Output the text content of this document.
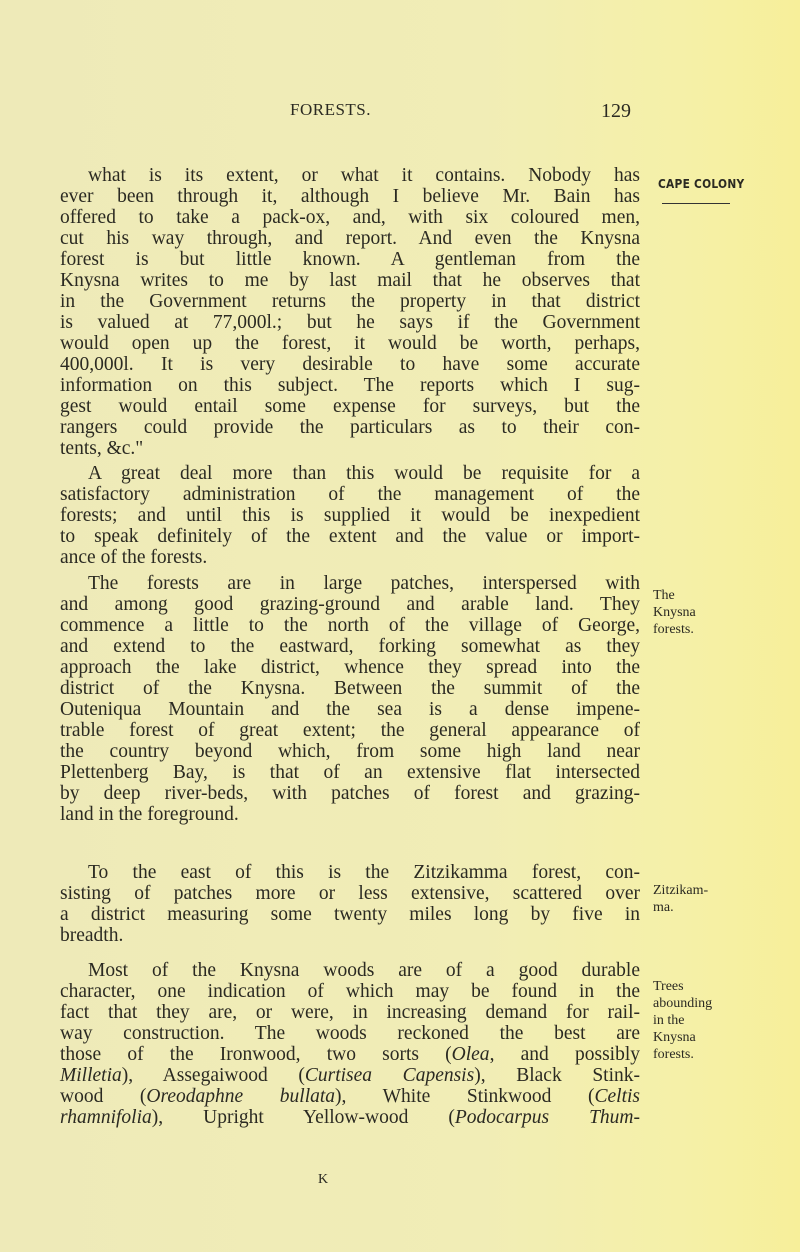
FORESTS.	129
CAPE COLONY
what is its extent, or what it contains. Nobody has
ever been through it, although I believe Mr. Bain has
offered to take a pack-ox, and, with six coloured men,
cut his way through, and report. And even the Knysna
forest is but little known. A gentleman from the
Knysna writes to me by last mail that he observes that
in the Government returns the property in that district
is valued at 77,000l.; but he says if the Government
would open up the forest, it would be worth, perhaps,
400,000l. It is very desirable to have some accurate
information on this subject. The reports which I sug-
gest would entail some expense for surveys, but the
rangers could provide the particulars as to their con-
tents, &c."
A great deal more than this would be requisite for a
satisfactory administration of the management of the
forests; and until this is supplied it would be inexpedient
to speak definitely of the extent and the value or import-
ance of the forests.
The forests are in large patches, interspersed with
and among good grazing-ground and arable land. They
commence a little to the north of the village of George,
and extend to the eastward, forking somewhat as they
approach the lake district, whence they spread into the
district of the Knysna. Between the summit of the
Outeniqua Mountain and the sea is a dense impene-
trable forest of great extent; the general appearance of
the country beyond which, from some high land near
Plettenberg Bay, is that of an extensive flat intersected
by deep river-beds, with patches of forest and grazing-
land in the foreground.
To the east of this is the Zitzikamma forest, con-
sisting of patches more or less extensive, scattered over
a district measuring some twenty miles long by five in
breadth.
Most of the Knysna woods are of a good durable
character, one indication of which may be found in the
fact that they are, or were, in increasing demand for rail-
way construction. The woods reckoned the best are
those of the Ironwood, two sorts (Olea, and possibly
Milletia), Assegaiwood (Curtisea Capensis), Black Stink-
wood (Oreodaphne bullata), White Stinkwood (Celtis
rhamnifolia), Upright Yellow-wood (Podocarpus Thum-
The
Knysna
forests.
Zitzikam-
ma.
Trees
abounding
in the
Knysna
forests.
K
